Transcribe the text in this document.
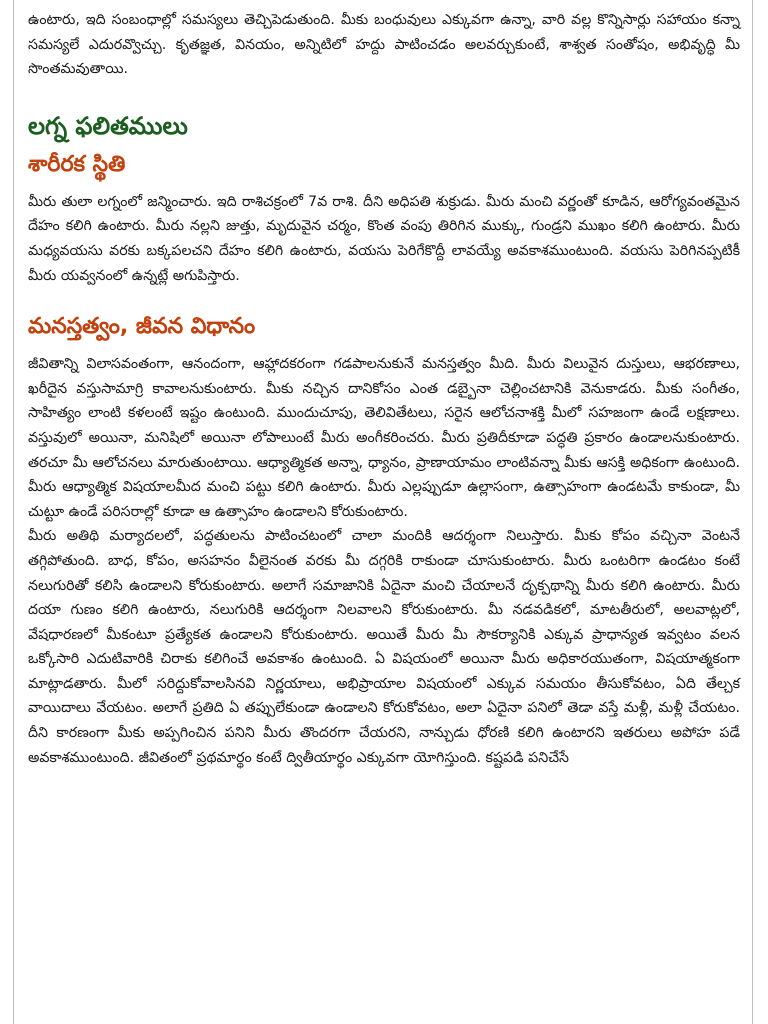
ఉంటారు, ఇది సంబంధాల్లో సమస్యలు తెచ్చిపెడుతుంది. మీకు బంధువులు ఎక్కువగా ఉన్నా, వారి వల్ల కొన్నిసార్లు సహాయం కన్నా సమస్యలే ఎదురవ్వొచ్చు. కృతజ్ఞత, వినయం, అన్నిటిలో హద్దు పాటించడం అలవర్చుకుంటే, శాశ్వత సంతోషం, అభివృద్ధి మీ సొంతమవుతాయి.

లగ్న ఫలితములు
శారీరక స్థితి

మీరు తులా లగ్నంలో జన్మించారు. ఇది రాశిచక్రంలో 7వ రాశి. దీని అధిపతి శుక్రుడు. మీరు మంచి వర్ణంతో కూడిన, ఆరోగ్యవంతమైన దేహం కలిగి ఉంటారు. మీరు నల్లని జుత్తు, మృదువైన చర్మం, కొంత వంపు తిరిగిన ముక్కు, గుండ్రని ముఖం కలిగి ఉంటారు. మీరు మధ్యవయసు వరకు బక్కపలచని దేహం కలిగి ఉంటారు, వయసు పెరిగేకొద్దీ లావయ్యే అవకాశముంటుంది. వయసు పెరిగినప్పటికీ మీరు యవ్వనంలో ఉన్నట్లే అగుపిస్తారు.

మనస్తత్వం, జీవన విధానం

జీవితాన్ని విలాసవంతంగా, ఆనందంగా, ఆహ్లాదకరంగా గడపాలనుకునే మనస్తత్వం మీది. మీరు విలువైన దుస్తులు, ఆభరణాలు, ఖరీదైన వస్తుసామాగ్రి కావాలనుకుంటారు. మీకు నచ్చిన దానికోసం ఎంత డబ్బైనా చెల్లించటానికి వెనుకాడరు. మీకు సంగీతం, సాహిత్యం లాంటి కళలంటే ఇష్టం ఉంటుంది. ముందుచూపు, తెలివితేటలు, సరైన ఆలోచనాశక్తి మీలో సహజంగా ఉండే లక్షణాలు. వస్తువులో అయినా, మనిషిలో అయినా లోపాలుంటే మీరు అంగీకరించరు. మీరు ప్రతిదీకూడా పద్ధతి ప్రకారం ఉండాలనుకుంటారు. తరచూ మీ ఆలోచనలు మారుతుంటాయి. ఆధ్యాత్మికత అన్నా, ధ్యానం, ప్రాణాయామం లాంటివన్నా మీకు ఆసక్తి అధికంగా ఉంటుంది. మీరు ఆధ్యాత్మిక విషయాలమీద మంచి పట్టు కలిగి ఉంటారు. మీరు ఎల్లప్పుడూ ఉల్లాసంగా, ఉత్సాహంగా ఉండటమే కాకుండా, మీ చుట్టూ ఉండే పరిసరాల్లో కూడా ఆ ఉత్సాహం ఉండాలని కోరుకుంటారు.

మీరు అతిథి మర్యాదలలో, పద్ధతులను పాటించటంలో చాలా మందికి ఆదర్శంగా నిలుస్తారు. మీకు కోపం వచ్చినా వెంటనే తగ్గిపోతుంది. బాధ, కోపం, అసహనం వీలైనంత వరకు మీ దగ్గరికి రాకుండా చూసుకుంటారు. మీరు ఒంటరిగా ఉండటం కంటే నలుగురితో కలిసి ఉండాలని కోరుకుంటారు. అలాగే సమాజానికి ఏదైనా మంచి చేయాలనే దృక్పథాన్ని మీరు కలిగి ఉంటారు. మీరు దయా గుణం కలిగి ఉంటారు, నలుగురికి ఆదర్శంగా నిలవాలని కోరుకుంటారు. మీ నడవడికలో, మాటతీరులో, అలవాట్లలో, వేషధారణలో మీకంటూ ప్రత్యేకత ఉండాలని కోరుకుంటారు. అయితే మీరు మీ సౌకర్యానికి ఎక్కువ ప్రాధాన్యత ఇవ్వటం వలన ఒక్కోసారి ఎదుటివారికి చిరాకు కలిగించే అవకాశం ఉంటుంది. ఏ విషయంలో అయినా మీరు అధికారయుతంగా, విషయాత్మకంగా మాట్లాడతారు. మీలో సరిద్దుకోవాలసినవి నిర్ణయాలు, అభిప్రాయాల విషయంలో ఎక్కువ సమయం తీసుకోవటం, ఏది తేల్చక వాయిదాలు వేయటం. అలాగే ప్రతిది ఏ తప్పులేకుండా ఉండాలని కోరుకోవటం, అలా ఏదైనా పనిలో తెడా వస్తే మళ్లీ, మళ్లీ చేయటం. దీని కారణంగా మీకు అప్పగించిన పనిని మీరు తొందరగా చేయరని, నాన్చుడు ధోరణి కలిగి ఉంటారని ఇతరులు అపోహ పడే అవకాశముంటుంది. జీవితంలో ప్రథమార్థం కంటే ద్వితీయార్థం ఎక్కువగా యోగిస్తుంది. కష్టపడి పనిచేసే
